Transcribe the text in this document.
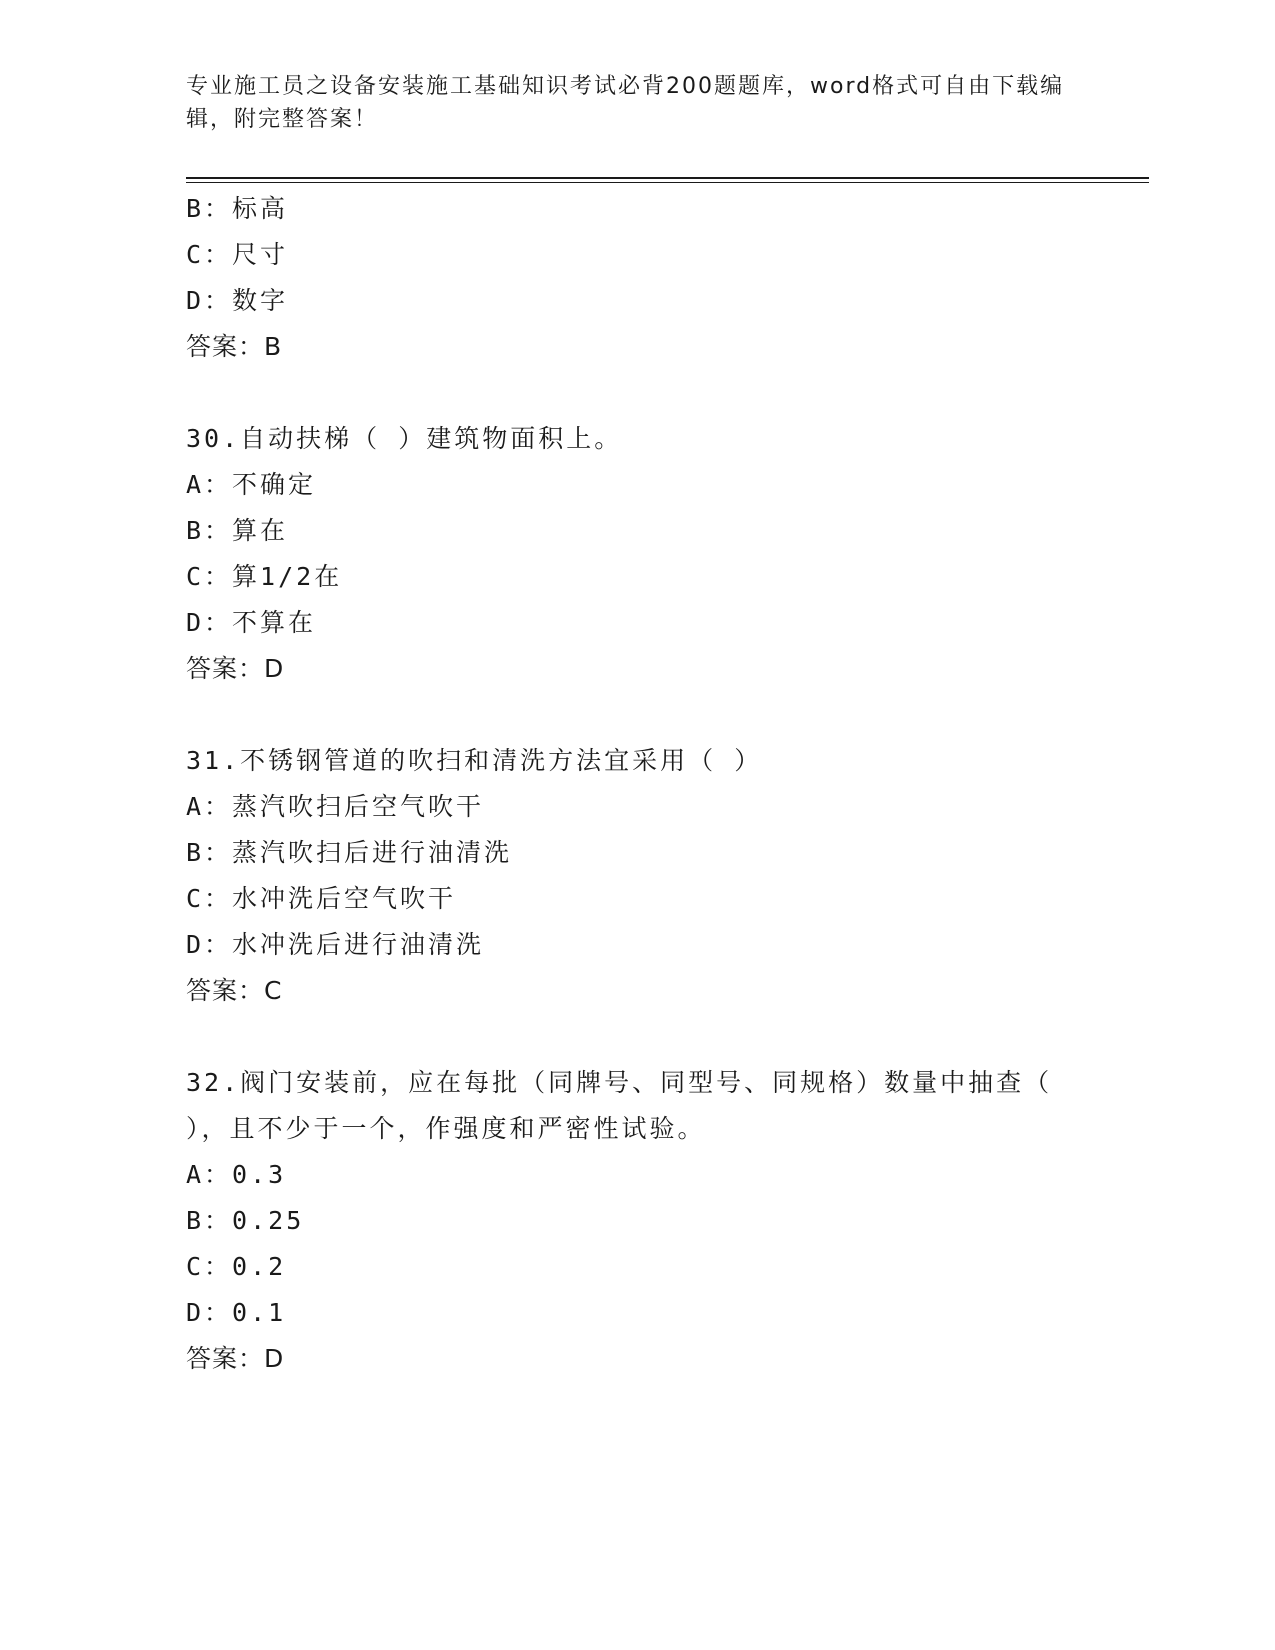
专业施工员之设备安装施工基础知识考试必背200题题库，word格式可自由下载编辑，附完整答案！
B：标高
C：尺寸
D：数字
答案：B
30.自动扶梯（ ）建筑物面积上。
A：不确定
B：算在
C：算1/2在
D：不算在
答案：D
31.不锈钢管道的吹扫和清洗方法宜采用（ ）
A：蒸汽吹扫后空气吹干
B：蒸汽吹扫后进行油清洗
C：水冲洗后空气吹干
D：水冲洗后进行油清洗
答案：C
32.阀门安装前，应在每批（同牌号、同型号、同规格）数量中抽查（
），且不少于一个，作强度和严密性试验。
A：0.3
B：0.25
C：0.2
D：0.1
答案：D
